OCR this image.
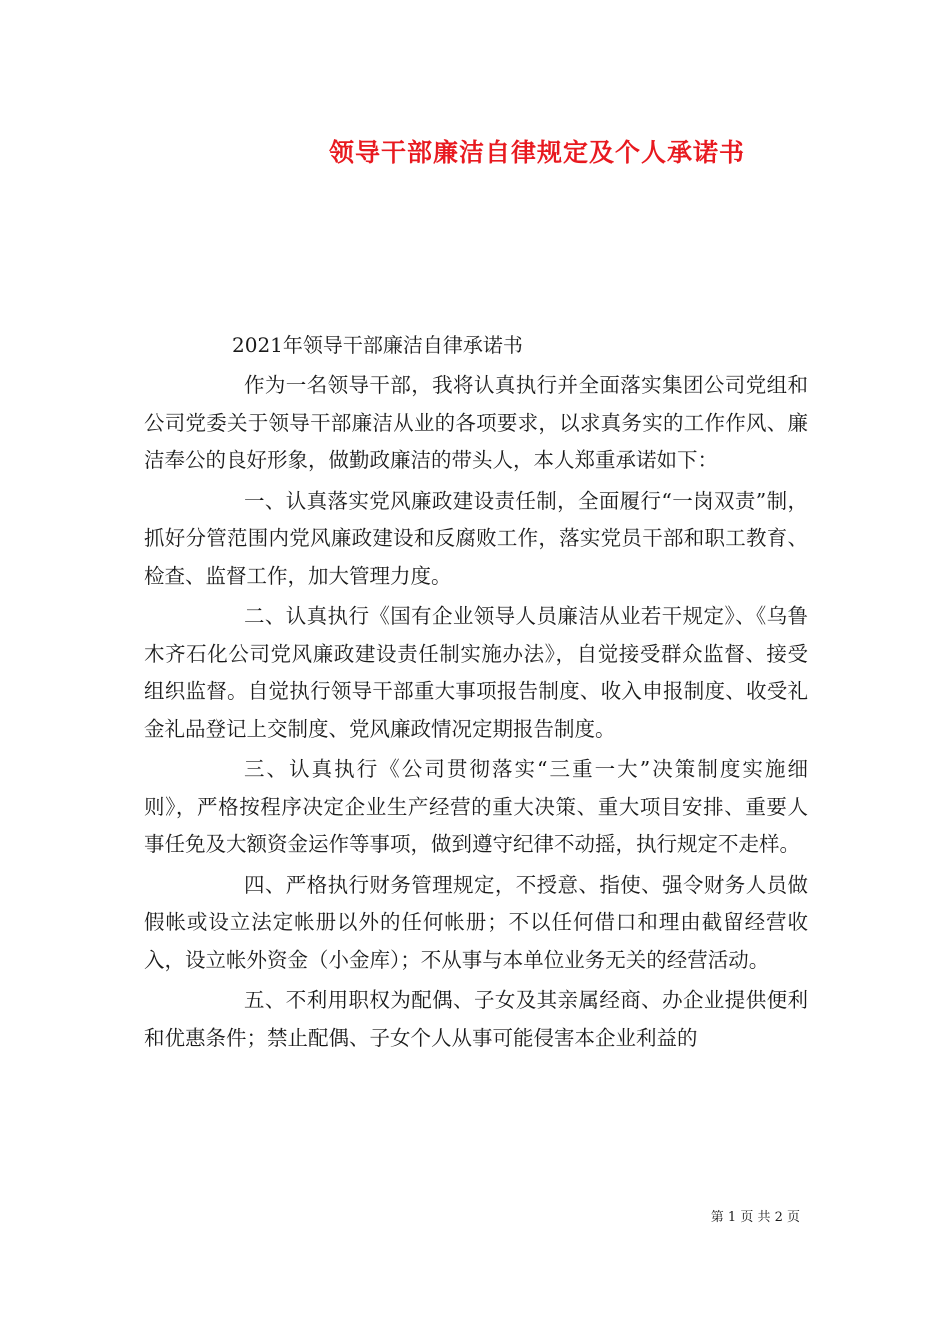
领导干部廉洁自律规定及个人承诺书

2021年领导干部廉洁自律承诺书

作为一名领导干部，我将认真执行并全面落实集团公司党组和公司党委关于领导干部廉洁从业的各项要求，以求真务实的工作作风、廉洁奉公的良好形象，做勤政廉洁的带头人，本人郑重承诺如下：

一、认真落实党风廉政建设责任制，全面履行“一岗双责”制，抓好分管范围内党风廉政建设和反腐败工作，落实党员干部和职工教育、检查、监督工作，加大管理力度。

二、认真执行《国有企业领导人员廉洁从业若干规定》、《乌鲁木齐石化公司党风廉政建设责任制实施办法》，自觉接受群众监督、接受组织监督。自觉执行领导干部重大事项报告制度、收入申报制度、收受礼金礼品登记上交制度、党风廉政情况定期报告制度。

三、认真执行《公司贯彻落实“三重一大”决策制度实施细则》，严格按程序决定企业生产经营的重大决策、重大项目安排、重要人事任免及大额资金运作等事项，做到遵守纪律不动摇，执行规定不走样。

四、严格执行财务管理规定，不授意、指使、强令财务人员做假帐或设立法定帐册以外的任何帐册；不以任何借口和理由截留经营收入，设立帐外资金（小金库）；不从事与本单位业务无关的经营活动。

五、不利用职权为配偶、子女及其亲属经商、办企业提供便利和优惠条件；禁止配偶、子女个人从事可能侵害本企业利益的

第 1 页 共 2 页
